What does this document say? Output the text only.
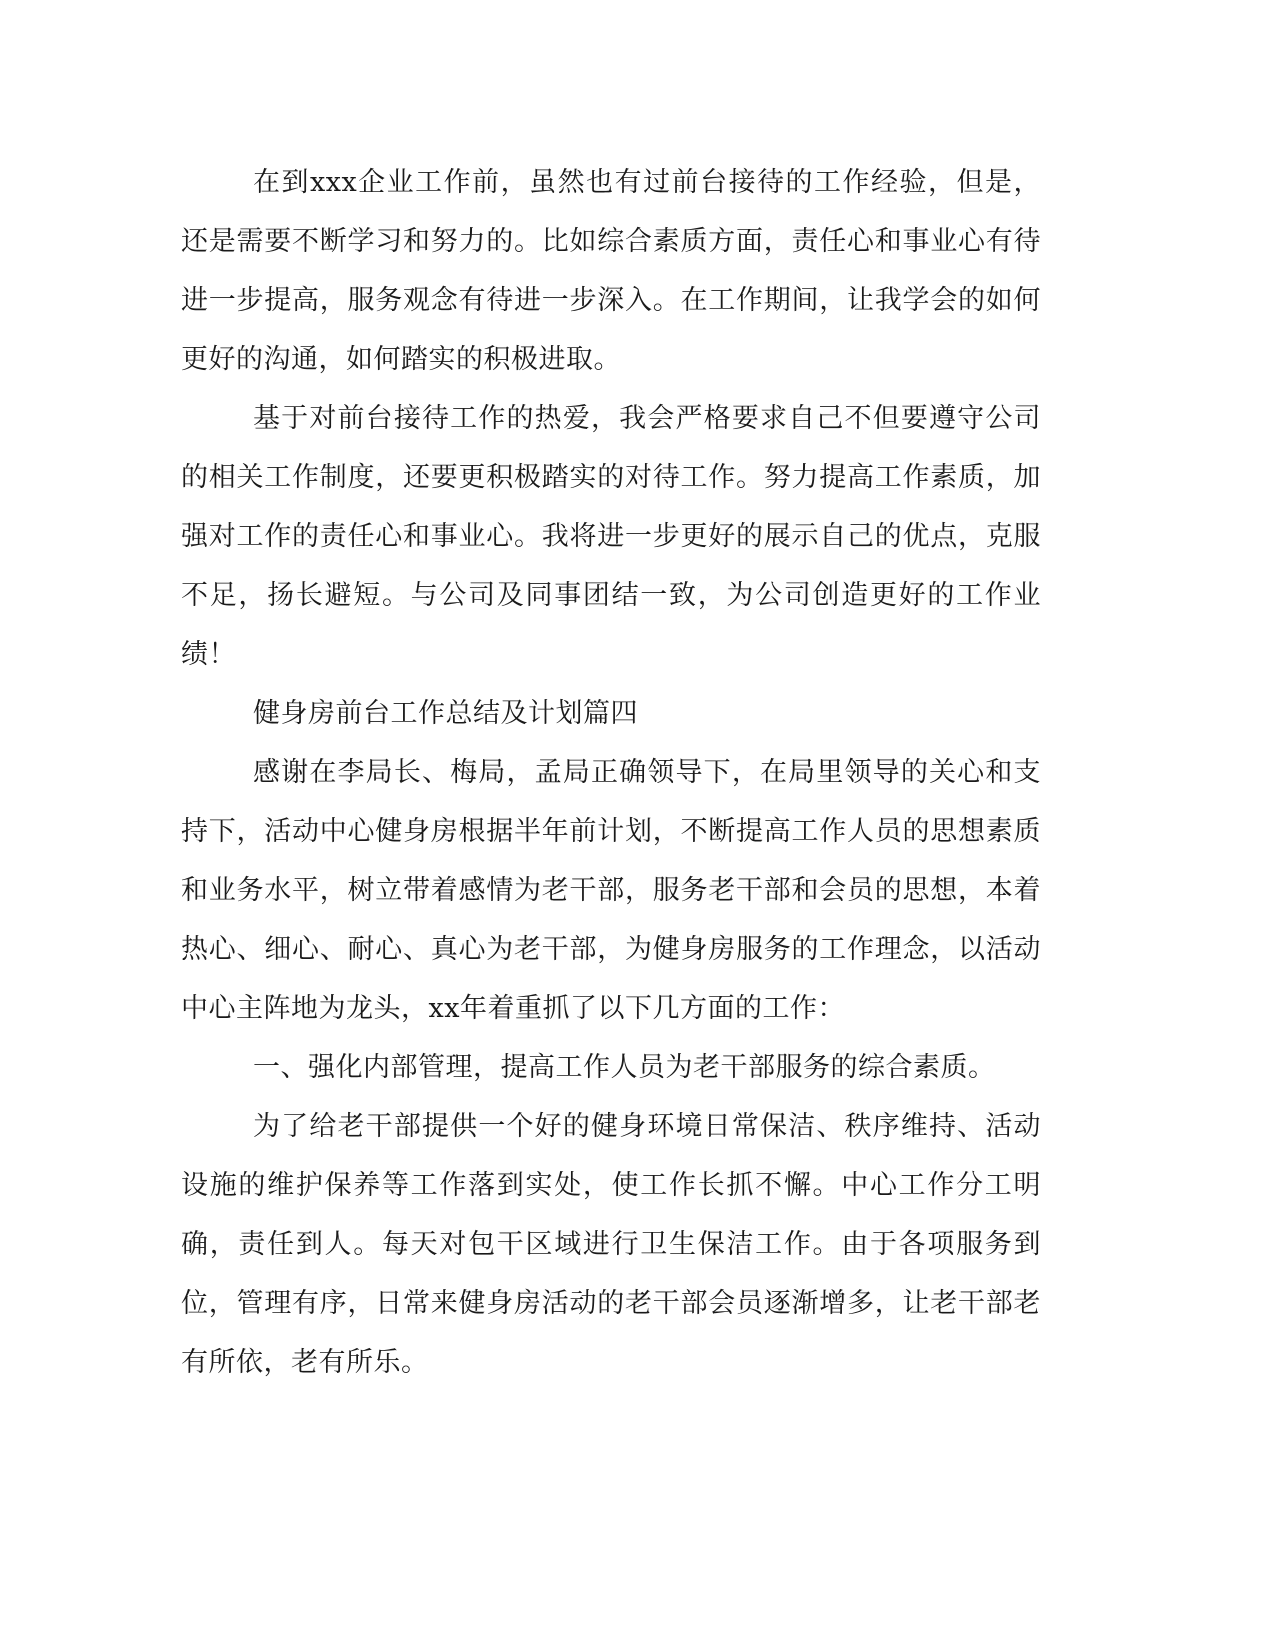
在到xxx企业工作前，虽然也有过前台接待的工作经验，但是，还是需要不断学习和努力的。比如综合素质方面，责任心和事业心有待进一步提高，服务观念有待进一步深入。在工作期间，让我学会的如何更好的沟通，如何踏实的积极进取。

基于对前台接待工作的热爱，我会严格要求自己不但要遵守公司的相关工作制度，还要更积极踏实的对待工作。努力提高工作素质，加强对工作的责任心和事业心。我将进一步更好的展示自己的优点，克服不足，扬长避短。与公司及同事团结一致，为公司创造更好的工作业绩！

健身房前台工作总结及计划篇四

感谢在李局长、梅局，孟局正确领导下，在局里领导的关心和支持下，活动中心健身房根据半年前计划，不断提高工作人员的思想素质和业务水平，树立带着感情为老干部，服务老干部和会员的思想，本着热心、细心、耐心、真心为老干部，为健身房服务的工作理念，以活动中心主阵地为龙头，xx年着重抓了以下几方面的工作：

一、强化内部管理，提高工作人员为老干部服务的综合素质。

为了给老干部提供一个好的健身环境日常保洁、秩序维持、活动设施的维护保养等工作落到实处，使工作长抓不懈。中心工作分工明确，责任到人。每天对包干区域进行卫生保洁工作。由于各项服务到位，管理有序，日常来健身房活动的老干部会员逐渐增多，让老干部老有所依，老有所乐。
